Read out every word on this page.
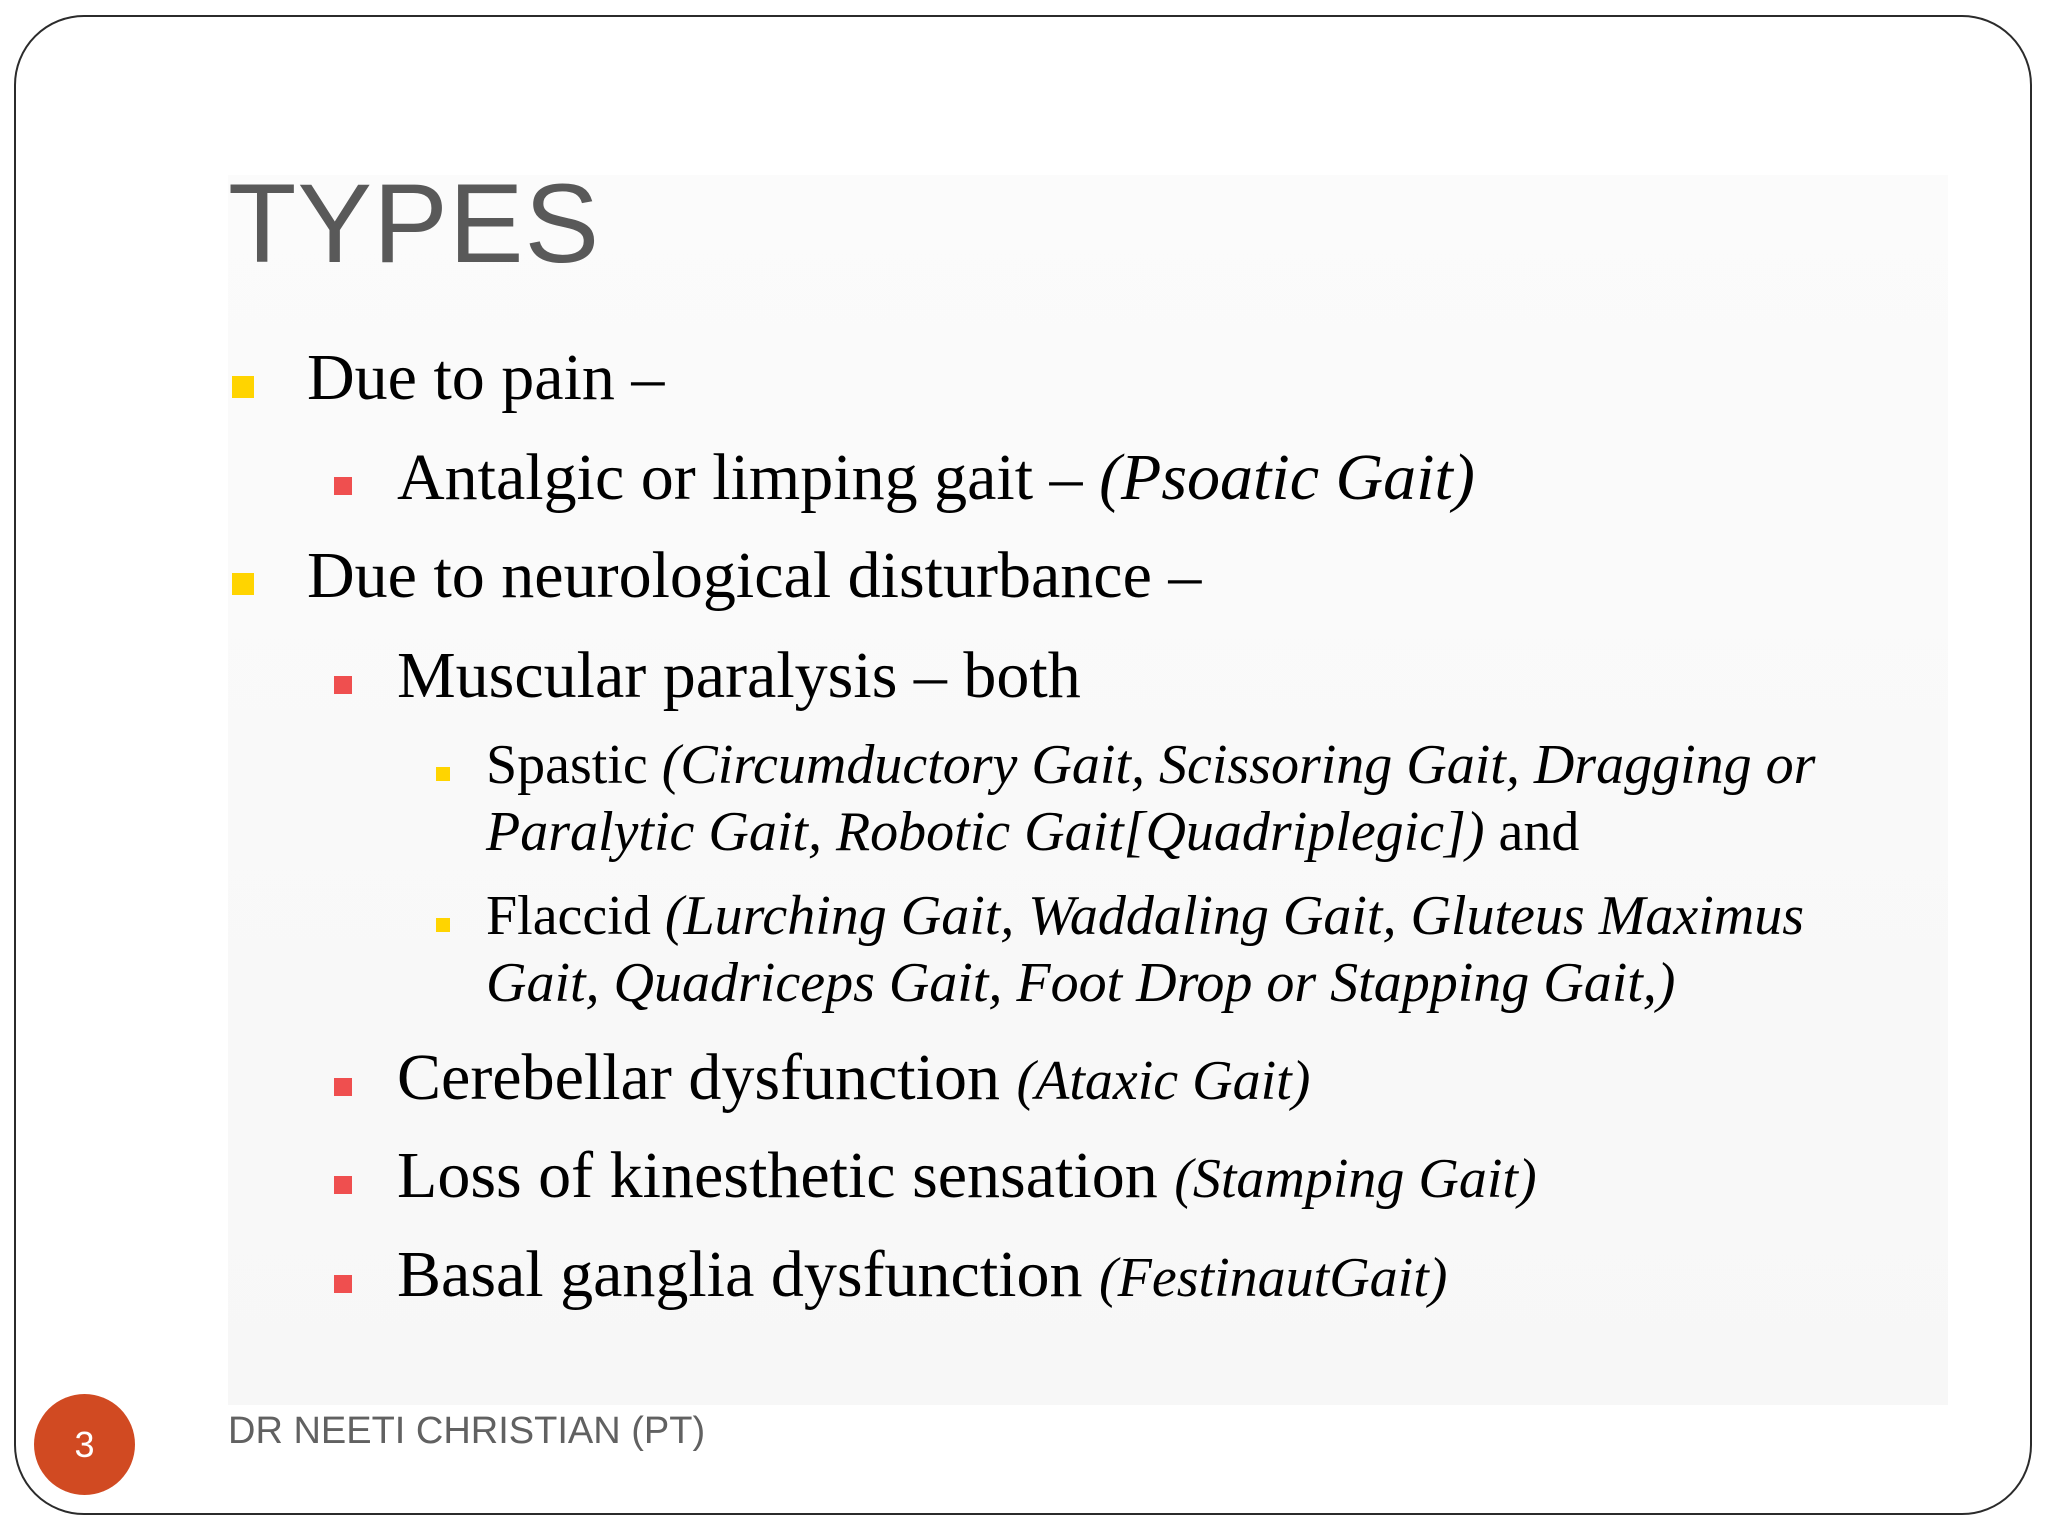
TYPES
Due to pain –
Antalgic or limping gait – (Psoatic Gait)
Due to neurological disturbance –
Muscular paralysis – both
Spastic (Circumductory Gait, Scissoring Gait, Dragging or
Paralytic Gait, Robotic Gait[Quadriplegic]) and
Flaccid (Lurching Gait, Waddaling Gait, Gluteus Maximus
Gait, Quadriceps Gait, Foot Drop or Stapping Gait,)
Cerebellar dysfunction (Ataxic Gait)
Loss of kinesthetic sensation (Stamping Gait)
Basal ganglia dysfunction (FestinautGait)
3	DR NEETI CHRISTIAN (PT)
